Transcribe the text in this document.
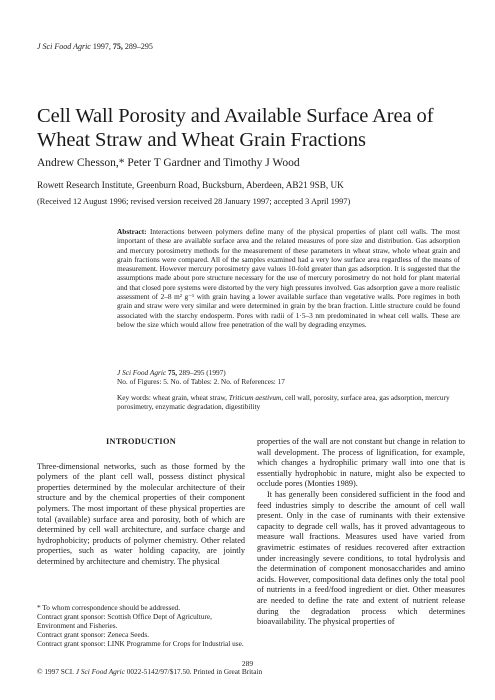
J Sci Food Agric 1997, 75, 289–295
Cell Wall Porosity and Available Surface Area of Wheat Straw and Wheat Grain Fractions
Andrew Chesson,* Peter T Gardner and Timothy J Wood
Rowett Research Institute, Greenburn Road, Bucksburn, Aberdeen, AB21 9SB, UK
(Received 12 August 1996; revised version received 28 January 1997; accepted 3 April 1997)
Abstract: Interactions between polymers define many of the physical properties of plant cell walls. The most important of these are available surface area and the related measures of pore size and distribution. Gas adsorption and mercury porosimetry methods for the measurement of these parameters in wheat straw, whole wheat grain and grain fractions were compared. All of the samples examined had a very low surface area regardless of the means of measurement. However mercury porosimetry gave values 10-fold greater than gas adsorption. It is suggested that the assumptions made about pore structure necessary for the use of mercury porosimetry do not hold for plant material and that closed pore systems were distorted by the very high pressures involved. Gas adsorption gave a more realistic assessment of 2–8 m² g⁻¹ with grain having a lower available surface than vegetative walls. Pore regimes in both grain and straw were very similar and were determined in grain by the bran fraction. Little structure could be found associated with the starchy endosperm. Pores with radii of 1·5–3 nm predominated in wheat cell walls. These are below the size which would allow free penetration of the wall by degrading enzymes.
J Sci Food Agric 75, 289–295 (1997)
No. of Figures: 5. No. of Tables: 2. No. of References: 17
Key words: wheat grain, wheat straw, Triticum aestivum, cell wall, porosity, surface area, gas adsorption, mercury porosimetry, enzymatic degradation, digestibility
INTRODUCTION

Three-dimensional networks, such as those formed by the polymers of the plant cell wall, possess distinct physical properties determined by the molecular architecture of their structure and by the chemical properties of their component polymers. The most important of these physical properties are total (available) surface area and porosity, both of which are determined by cell wall architecture, and surface charge and hydrophobicity; products of polymer chemistry. Other related properties, such as water holding capacity, are jointly determined by architecture and chemistry. The physical

properties of the wall are not constant but change in relation to wall development. The process of lignification, for example, which changes a hydrophilic primary wall into one that is essentially hydrophobic in nature, might also be expected to occlude pores (Monties 1989).

It has generally been considered sufficient in the food and feed industries simply to describe the amount of cell wall present. Only in the case of ruminants with their extensive capacity to degrade cell walls, has it proved advantageous to measure wall fractions. Measures used have varied from gravimetric estimates of residues recovered after extraction under increasingly severe conditions, to total hydrolysis and the determination of component monosaccharides and amino acids. However, compositional data defines only the total pool of nutrients in a feed/food ingredient or diet. Other measures are needed to define the rate and extent of nutrient release during the degradation process which determines bioavailability. The physical properties of

* To whom correspondence should be addressed.
Contract grant sponsor: Scottish Office Dept of Agriculture, Environment and Fisheries.
Contract grant sponsor: Zeneca Seeds.
Contract grant sponsor: LINK Programme for Crops for Industrial use.
289
© 1997 SCI. J Sci Food Agric 0022-5142/97/$17.50. Printed in Great Britain
